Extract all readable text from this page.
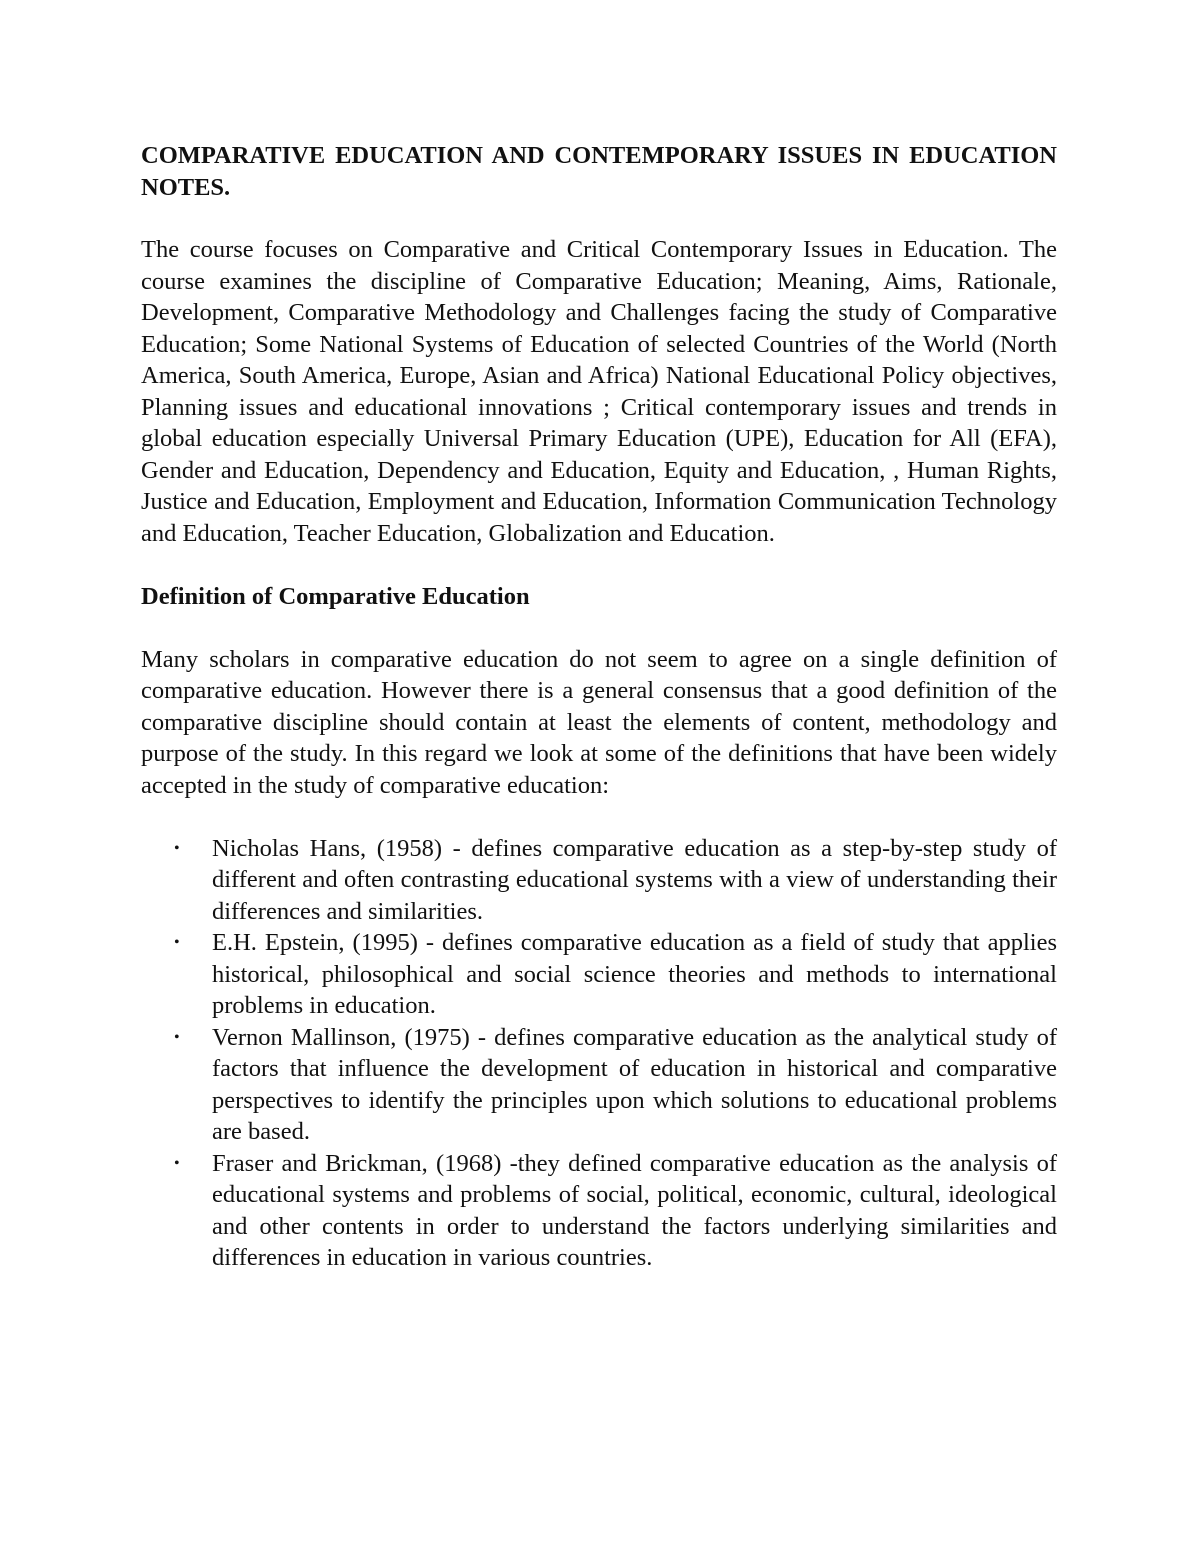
COMPARATIVE EDUCATION AND CONTEMPORARY ISSUES IN EDUCATION NOTES.
The course focuses on Comparative and Critical Contemporary Issues in Education. The course examines the discipline of Comparative Education; Meaning, Aims, Rationale, Development, Comparative Methodology and Challenges facing the study of Comparative Education; Some National Systems of Education of selected Countries of the World (North America, South America, Europe, Asian and Africa) National Educational Policy objectives, Planning issues and educational innovations ; Critical contemporary issues and trends in global education especially Universal Primary Education (UPE), Education for All (EFA), Gender and Education, Dependency and Education, Equity and Education, , Human Rights, Justice and Education, Employment and Education, Information Communication Technology and Education, Teacher Education, Globalization and Education.
Definition of Comparative Education
Many scholars in comparative education do not seem to agree on a single definition of comparative education. However there is a general consensus that a good definition of the comparative discipline should contain at least the elements of content, methodology and purpose of the study. In this regard we look at some of the definitions that have been widely accepted in the study of comparative education:
• Nicholas Hans, (1958) - defines comparative education as a step-by-step study of different and often contrasting educational systems with a view of understanding their differences and similarities.
• E.H. Epstein, (1995) - defines comparative education as a field of study that applies historical, philosophical and social science theories and methods to international problems in education.
• Vernon Mallinson, (1975) - defines comparative education as the analytical study of factors that influence the development of education in historical and comparative perspectives to identify the principles upon which solutions to educational problems are based.
• Fraser and Brickman, (1968) -they defined comparative education as the analysis of educational systems and problems of social, political, economic, cultural, ideological and other contents in order to understand the factors underlying similarities and differences in education in various countries.
